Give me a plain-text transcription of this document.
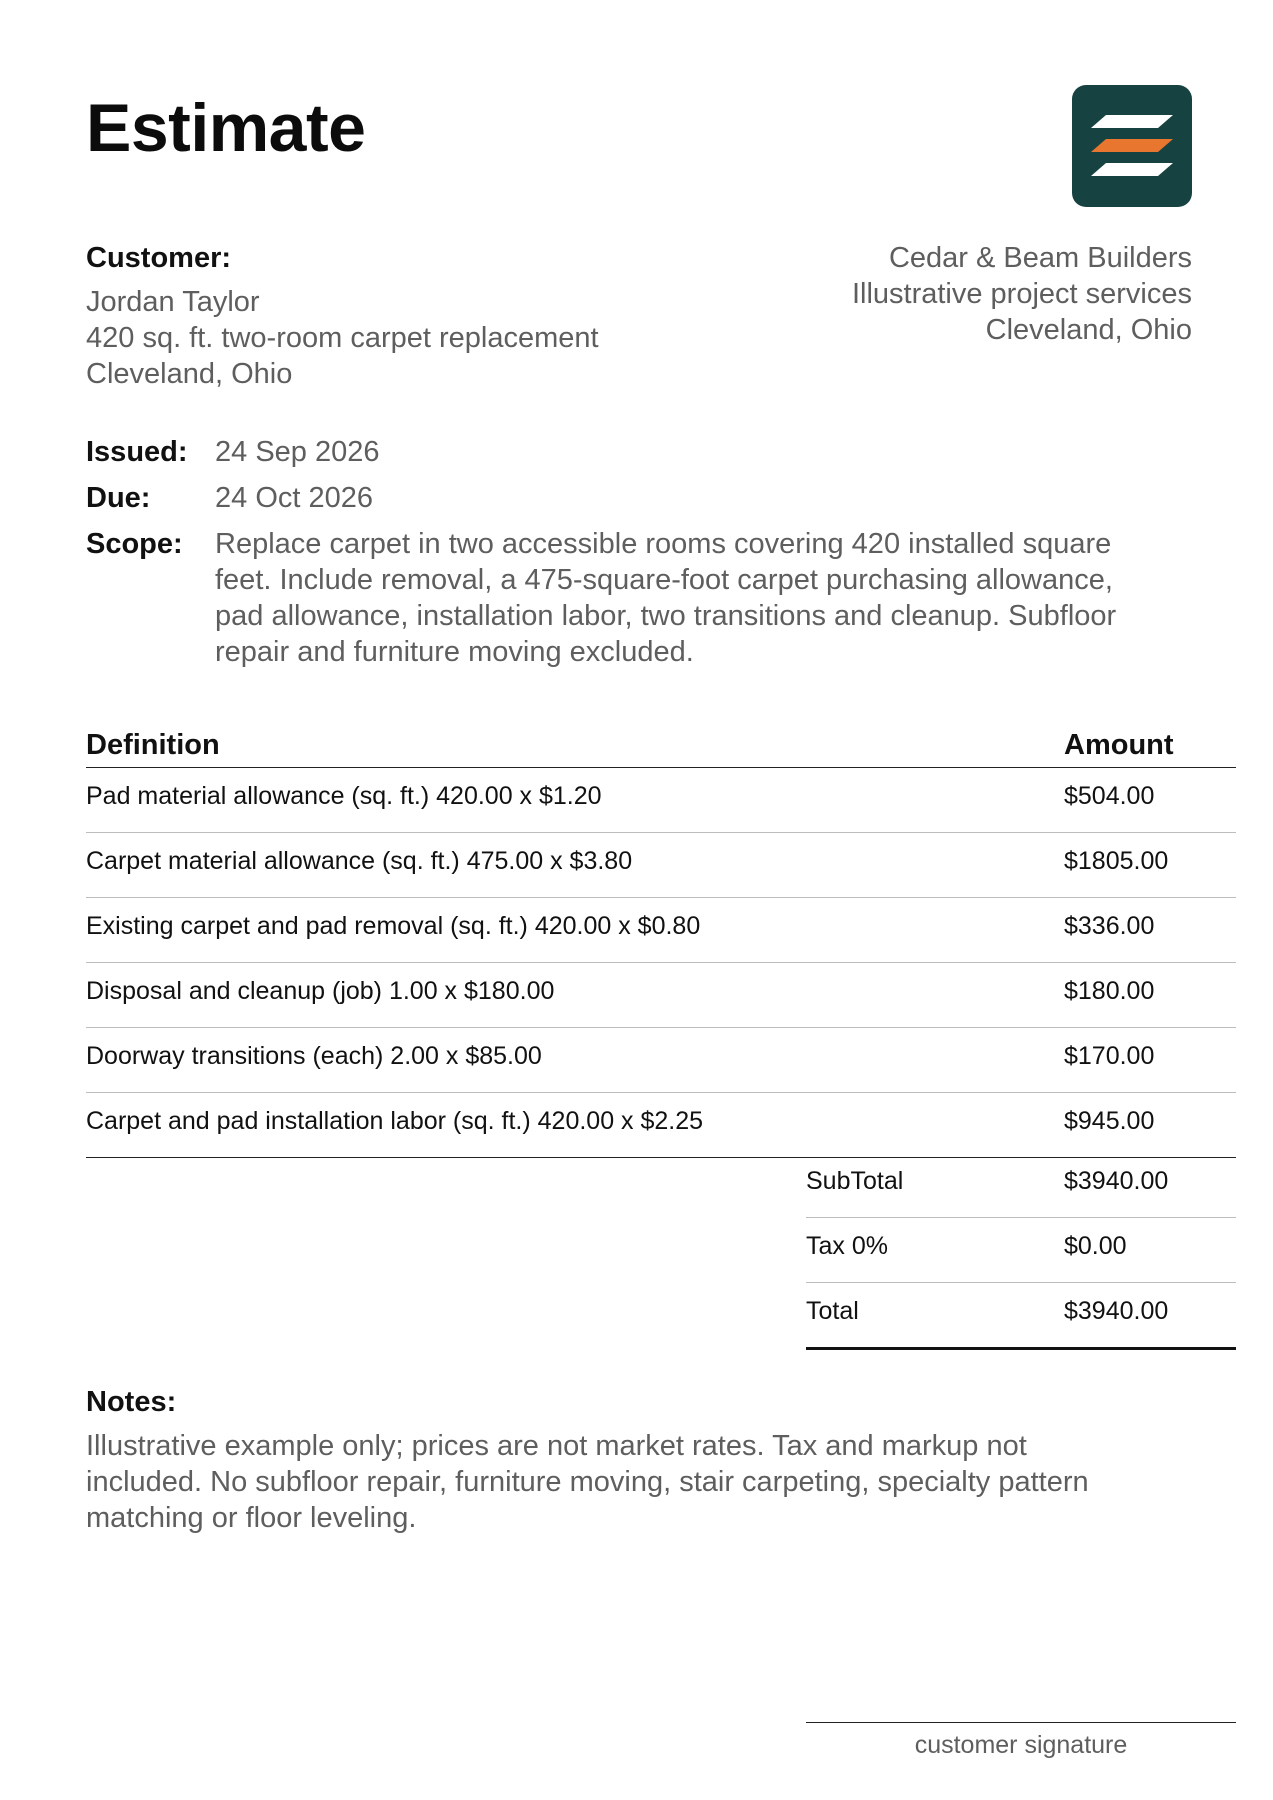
Estimate
Customer:
Jordan Taylor
420 sq. ft. two-room carpet replacement
Cleveland, Ohio
Cedar & Beam Builders
Illustrative project services
Cleveland, Ohio
Issued: 24 Sep 2026
Due: 24 Oct 2026
Scope: Replace carpet in two accessible rooms covering 420 installed square
feet. Include removal, a 475-square-foot carpet purchasing allowance,
pad allowance, installation labor, two transitions and cleanup. Subfloor
repair and furniture moving excluded.
Definition	Amount
Pad material allowance (sq. ft.) 420.00 x $1.20	$504.00
Carpet material allowance (sq. ft.) 475.00 x $3.80	$1805.00
Existing carpet and pad removal (sq. ft.) 420.00 x $0.80	$336.00
Disposal and cleanup (job) 1.00 x $180.00	$180.00
Doorway transitions (each) 2.00 x $85.00	$170.00
Carpet and pad installation labor (sq. ft.) 420.00 x $2.25	$945.00
SubTotal	$3940.00
Tax 0%	$0.00
Total	$3940.00
Notes:
Illustrative example only; prices are not market rates. Tax and markup not
included. No subfloor repair, furniture moving, stair carpeting, specialty pattern
matching or floor leveling.
customer signature
